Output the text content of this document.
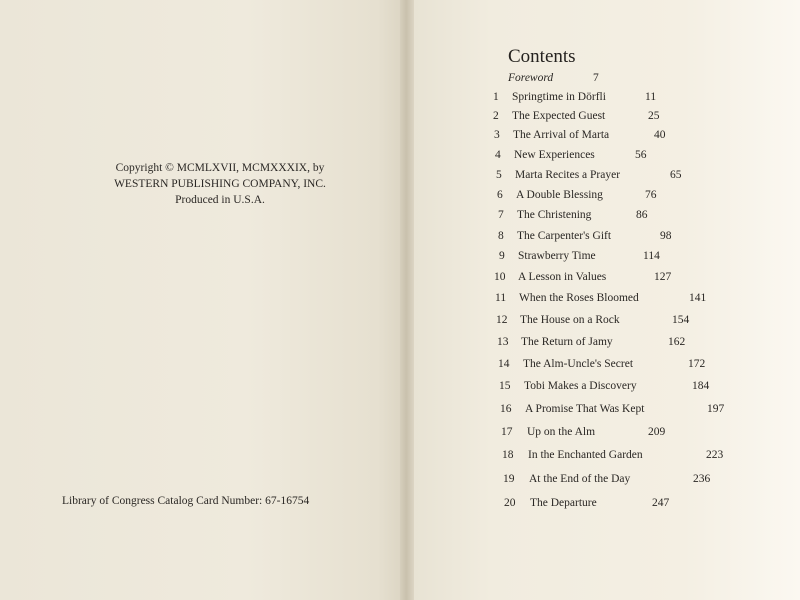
Copyright © MCMLXVII, MCMXXXIX, by
WESTERN PUBLISHING COMPANY, INC.
Produced in U.S.A.
Library of Congress Catalog Card Number: 67-16754
Contents
Foreword	7
1 Springtime in Dörfli	11
2 The Expected Guest	25
3 The Arrival of Marta	40
4 New Experiences	56
5 Marta Recites a Prayer	65
6 A Double Blessing	76
7 The Christening	86
8 The Carpenter's Gift	98
9 Strawberry Time	114
10 A Lesson in Values	127
11 When the Roses Bloomed	141
12 The House on a Rock	154
13 The Return of Jamy	162
14 The Alm-Uncle's Secret	172
15 Tobi Makes a Discovery	184
16 A Promise That Was Kept	197
17 Up on the Alm	209
18 In the Enchanted Garden	223
19 At the End of the Day	236
20 The Departure	247
